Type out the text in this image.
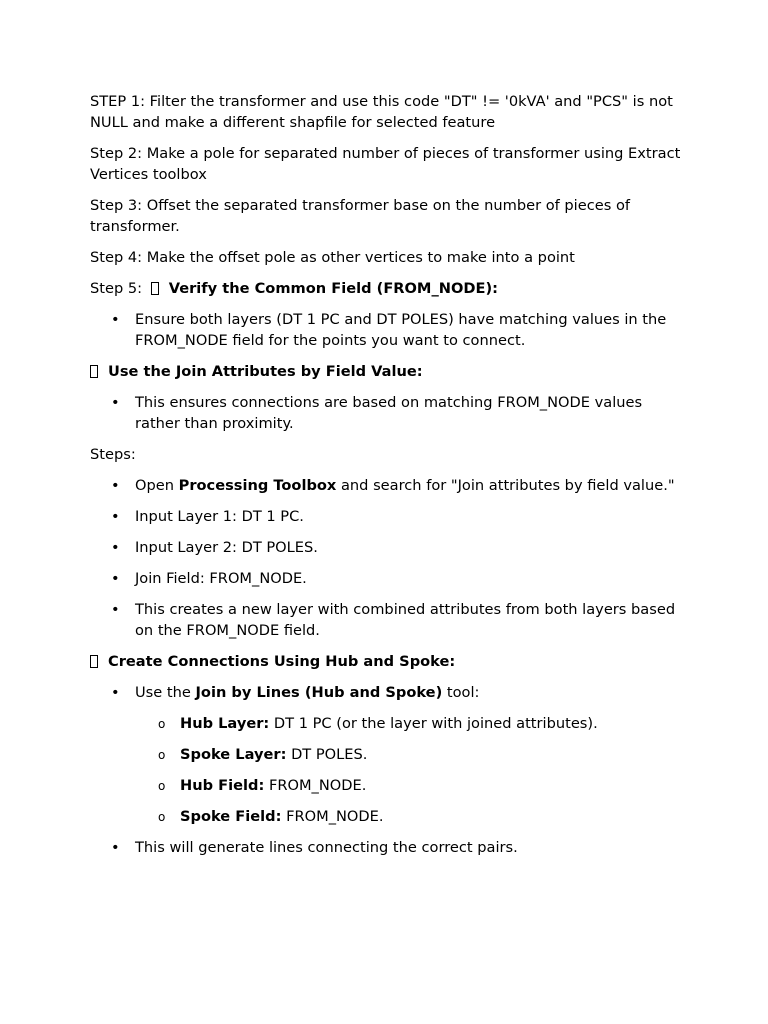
STEP 1: Filter the transformer and use this code "DT" != '0kVA' and "PCS" is not NULL and make a different shapfile for selected feature

Step 2: Make a pole for separated number of pieces of transformer using Extract Vertices toolbox

Step 3: Offset the separated transformer base on the number of pieces of transformer.

Step 4: Make the offset pole as other vertices to make into a point

Step 5: Verify the Common Field (FROM_NODE):

• Ensure both layers (DT 1 PC and DT POLES) have matching values in the FROM_NODE field for the points you want to connect.

Use the Join Attributes by Field Value:

• This ensures connections are based on matching FROM_NODE values rather than proximity.

Steps:

• Open Processing Toolbox and search for "Join attributes by field value."
• Input Layer 1: DT 1 PC.
• Input Layer 2: DT POLES.
• Join Field: FROM_NODE.
• This creates a new layer with combined attributes from both layers based on the FROM_NODE field.

Create Connections Using Hub and Spoke:

• Use the Join by Lines (Hub and Spoke) tool:
o Hub Layer: DT 1 PC (or the layer with joined attributes).
o Spoke Layer: DT POLES.
o Hub Field: FROM_NODE.
o Spoke Field: FROM_NODE.
• This will generate lines connecting the correct pairs.
